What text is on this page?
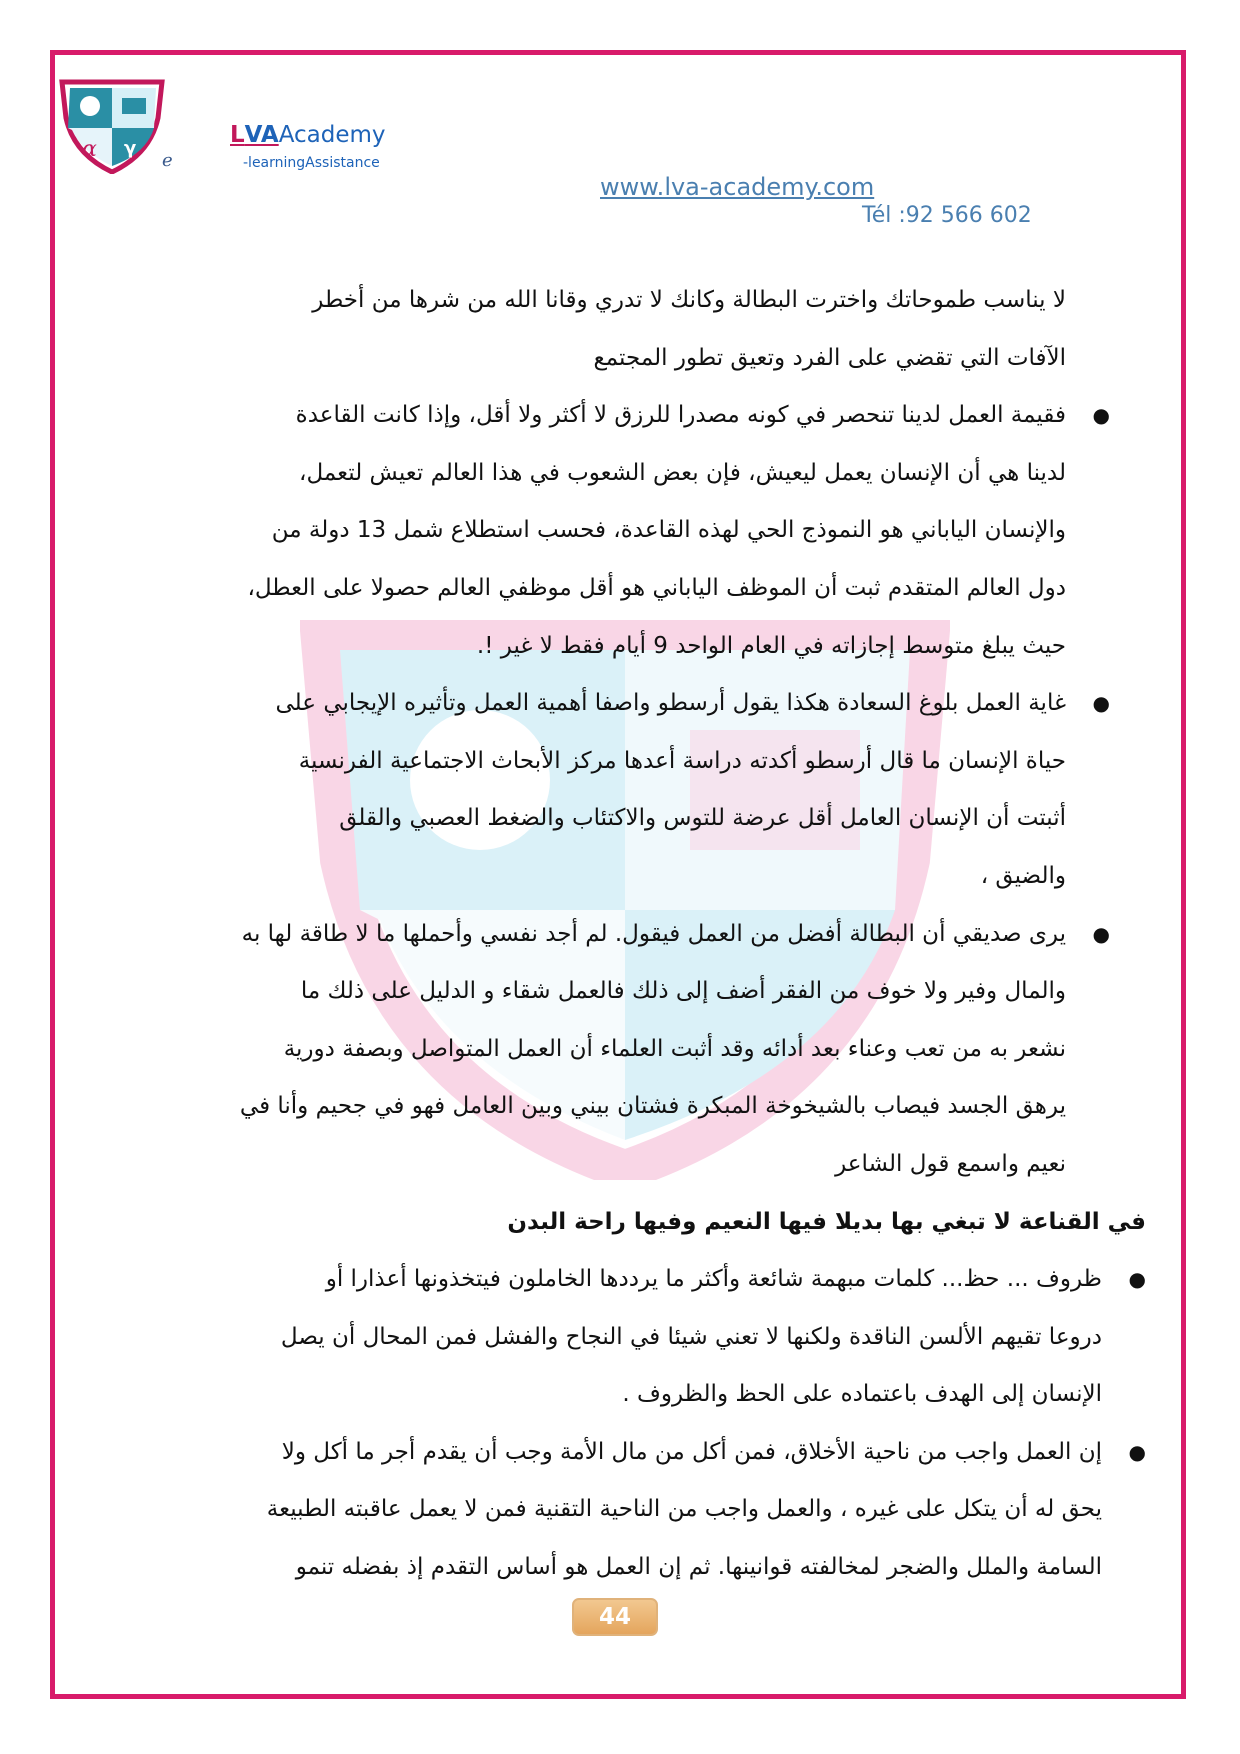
α γ
e
LVAAcademy
-learningAssistance
www.lva-academy.com
Tél :92 566 602
لا يناسب طموحاتك واخترت البطالة وكانك لا تدري وقانا الله من شرها من أخطر
الآفات التي تقضي على الفرد وتعيق تطور المجتمع
●
فقيمة العمل لدينا تنحصر في كونه مصدرا للرزق لا أكثر ولا أقل، وإذا كانت القاعدة
لدينا هي أن الإنسان يعمل ليعيش، فإن بعض الشعوب في هذا العالم تعيش لتعمل،
والإنسان الياباني هو النموذج الحي لهذه القاعدة، فحسب استطلاع شمل 13 دولة من
دول العالم المتقدم ثبت أن الموظف الياباني هو أقل موظفي العالم حصولا على العطل،
حيث يبلغ متوسط إجازاته في العام الواحد 9 أيام فقط لا غير !.
●
غاية العمل بلوغ السعادة هكذا يقول أرسطو واصفا أهمية العمل وتأثيره الإيجابي على
حياة الإنسان ما قال أرسطو أكدته دراسة أعدها مركز الأبحاث الاجتماعية الفرنسية
أثبتت أن الإنسان العامل أقل عرضة للتوس والاكتئاب والضغط العصبي والقلق
والضيق ،
●
يرى صديقي أن البطالة أفضل من العمل فيقول. لم أجد نفسي وأحملها ما لا طاقة لها به
والمال وفير ولا خوف من الفقر أضف إلى ذلك فالعمل شقاء و الدليل على ذلك ما
نشعر به من تعب وعناء بعد أدائه وقد أثبت العلماء أن العمل المتواصل وبصفة دورية
يرهق الجسد فيصاب بالشيخوخة المبكرة فشتان بيني وبين العامل فهو في جحيم وأنا في
نعيم واسمع قول الشاعر
في القناعة لا تبغي بها بديلا فيها النعيم وفيها راحة البدن
●
ظروف ... حظ... كلمات مبهمة شائعة وأكثر ما يرددها الخاملون فيتخذونها أعذارا أو
دروعا تقيهم الألسن الناقدة ولكنها لا تعني شيئا في النجاح والفشل فمن المحال أن يصل
الإنسان إلى الهدف باعتماده على الحظ والظروف .
●
إن العمل واجب من ناحية الأخلاق، فمن أكل من مال الأمة وجب أن يقدم أجر ما أكل ولا
يحق له أن يتكل على غيره ، والعمل واجب من الناحية التقنية فمن لا يعمل عاقبته الطبيعة
السامة والملل والضجر لمخالفته قوانينها. ثم إن العمل هو أساس التقدم إذ بفضله تنمو
44
